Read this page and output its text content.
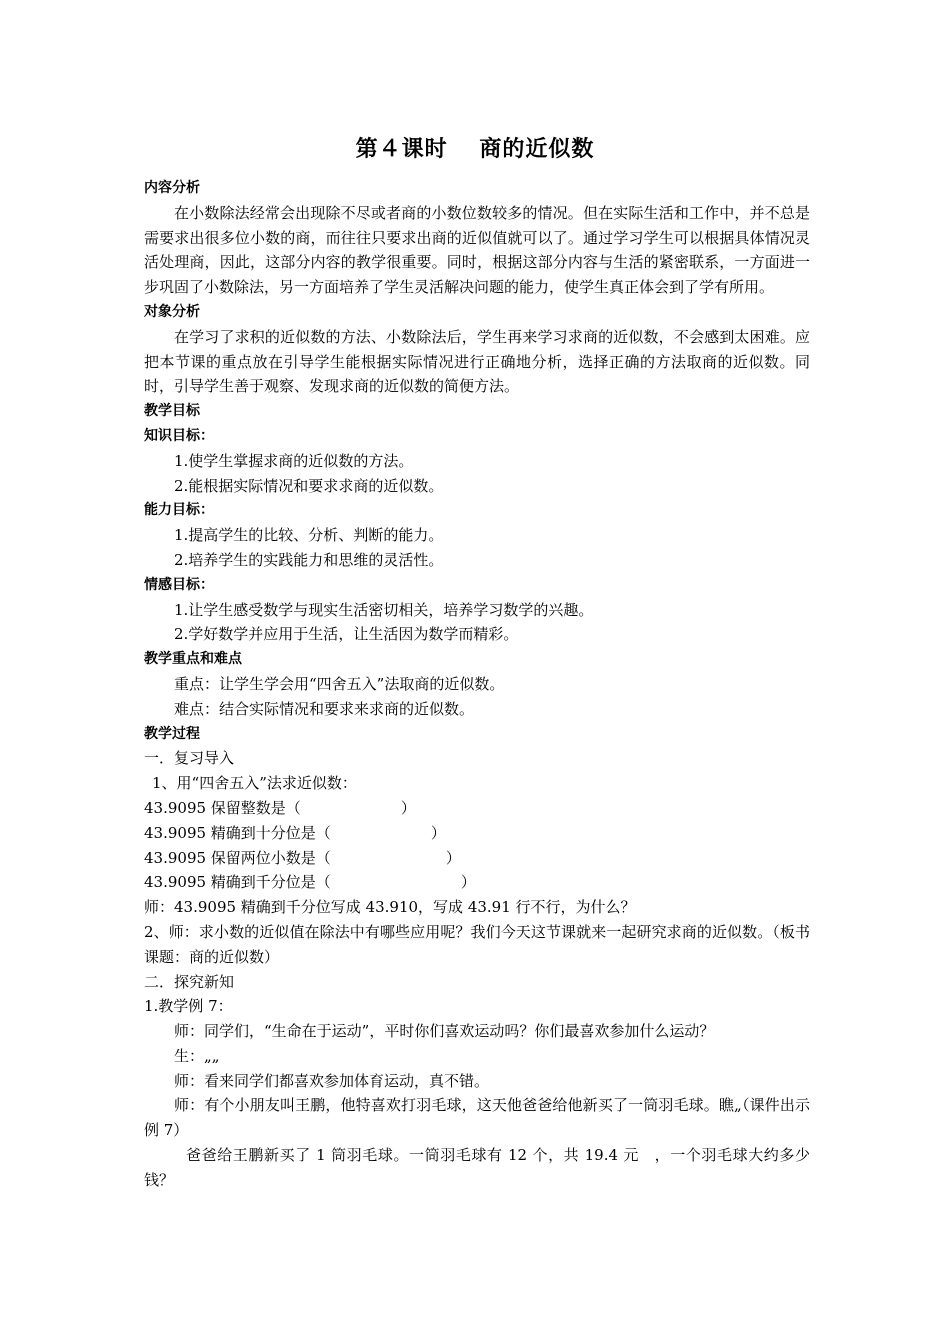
第４课时　 商的近似数
内容分析
在小数除法经常会出现除不尽或者商的小数位数较多的情况。但在实际生活和工作中，并不总是需要求出很多位小数的商，而往往只要求出商的近似值就可以了。通过学习学生可以根据具体情况灵活处理商，因此，这部分内容的教学很重要。同时，根据这部分内容与生活的紧密联系，一方面进一步巩固了小数除法，另一方面培养了学生灵活解决问题的能力，使学生真正体会到了学有所用。
对象分析
在学习了求积的近似数的方法、小数除法后，学生再来学习求商的近似数，不会感到太困难。应把本节课的重点放在引导学生能根据实际情况进行正确地分析，选择正确的方法取商的近似数。同时，引导学生善于观察、发现求商的近似数的简便方法。
教学目标
知识目标：
1.使学生掌握求商的近似数的方法。
2.能根据实际情况和要求求商的近似数。
能力目标：
1.提高学生的比较、分析、判断的能力。
2.培养学生的实践能力和思维的灵活性。
情感目标：
1.让学生感受数学与现实生活密切相关，培养学习数学的兴趣。
2.学好数学并应用于生活，让生活因为数学而精彩。
教学重点和难点
重点：让学生学会用“四舍五入”法取商的近似数。
难点：结合实际情况和要求来求商的近似数。
教学过程
一．复习导入
1、用“四舍五入”法求近似数：
43.9095 保留整数是（	）
43.9095 精确到十分位是（	）
43.9095 保留两位小数是（	）
43.9095 精确到千分位是（	）
师：43.9095 精确到千分位写成 43.910，写成 43.91 行不行，为什么？
2、师：求小数的近似值在除法中有哪些应用呢？我们今天这节课就来一起研究求商的近似数。（板书课题：商的近似数）
二．探究新知
1.教学例 7：
师：同学们，“生命在于运动”，平时你们喜欢运动吗？你们最喜欢参加什么运动？
生：„„
师：看来同学们都喜欢参加体育运动，真不错。
师：有个小朋友叫王鹏，他特喜欢打羽毛球，这天他爸爸给他新买了一筒羽毛球。瞧„（课件出示例 7）
爸爸给王鹏新买了 1 筒羽毛球。一筒羽毛球有 12 个，共 19.4 元　，一个羽毛球大约多少钱？
